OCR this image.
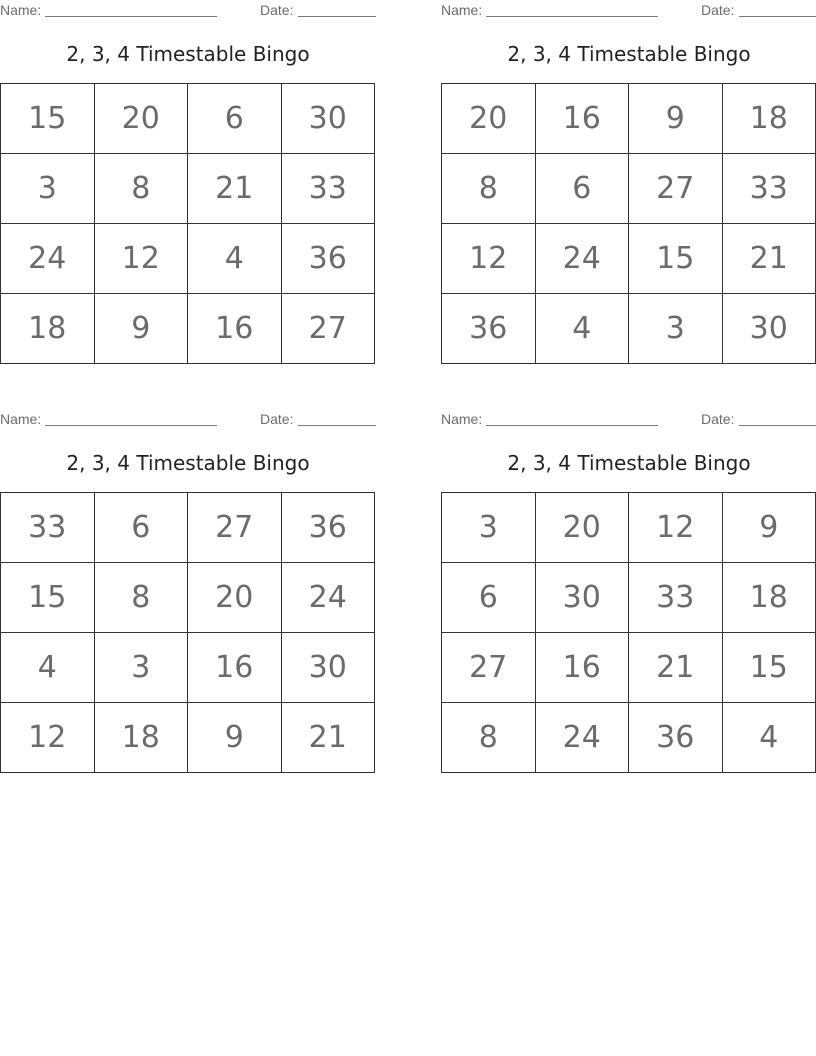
Name:	Date:
2, 3, 4 Timestable Bingo
15	20	6	30
3	8	21	33
24	12	4	36
18	9	16	27
Name:	Date:
2, 3, 4 Timestable Bingo
20	16	9	18
8	6	27	33
12	24	15	21
36	4	3	30
Name:	Date:
2, 3, 4 Timestable Bingo
33	6	27	36
15	8	20	24
4	3	16	30
12	18	9	21
Name:	Date:
2, 3, 4 Timestable Bingo
3	20	12	9
6	30	33	18
27	16	21	15
8	24	36	4
